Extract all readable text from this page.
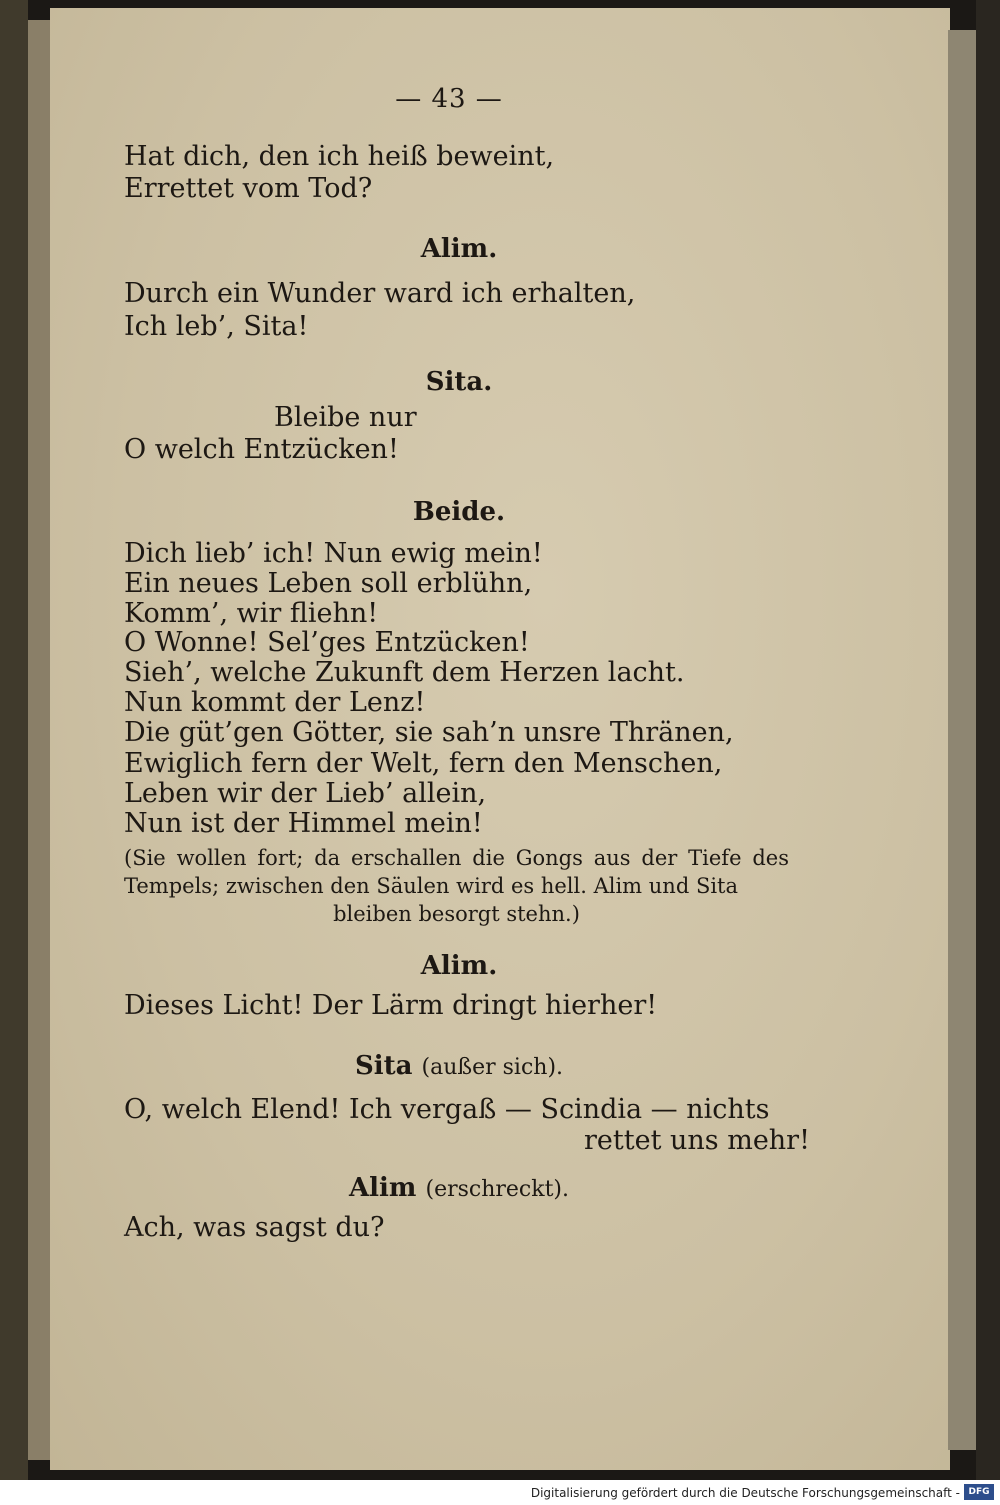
— 43 —
Hat dich, den ich heiß beweint,
Errettet vom Tod?
Alim.
Durch ein Wunder ward ich erhalten,
Ich leb’, Sita!
Sita.
Bleibe nur
O welch Entzücken!
Beide.
Dich lieb’ ich! Nun ewig mein!
Ein neues Leben soll erblühn,
Komm’, wir fliehn!
O Wonne! Sel’ges Entzücken!
Sieh’, welche Zukunft dem Herzen lacht.
Nun kommt der Lenz!
Die güt’gen Götter, sie sah’n unsre Thränen,
Ewiglich fern der Welt, fern den Menschen,
Leben wir der Lieb’ allein,
Nun ist der Himmel mein!
(Sie wollen fort; da erschallen die Gongs aus der Tiefe des Tempels; zwischen den Säulen wird es hell. Alim und Sita
bleiben besorgt stehn.)
Alim.
Dieses Licht! Der Lärm dringt hierher!
Sita (außer sich).
O, welch Elend! Ich vergaß — Scindia — nichts
rettet uns mehr!
Alim (erschreckt).
Ach, was sagst du?
Digitalisierung gefördert durch die Deutsche Forschungsgemeinschaft - DFG
